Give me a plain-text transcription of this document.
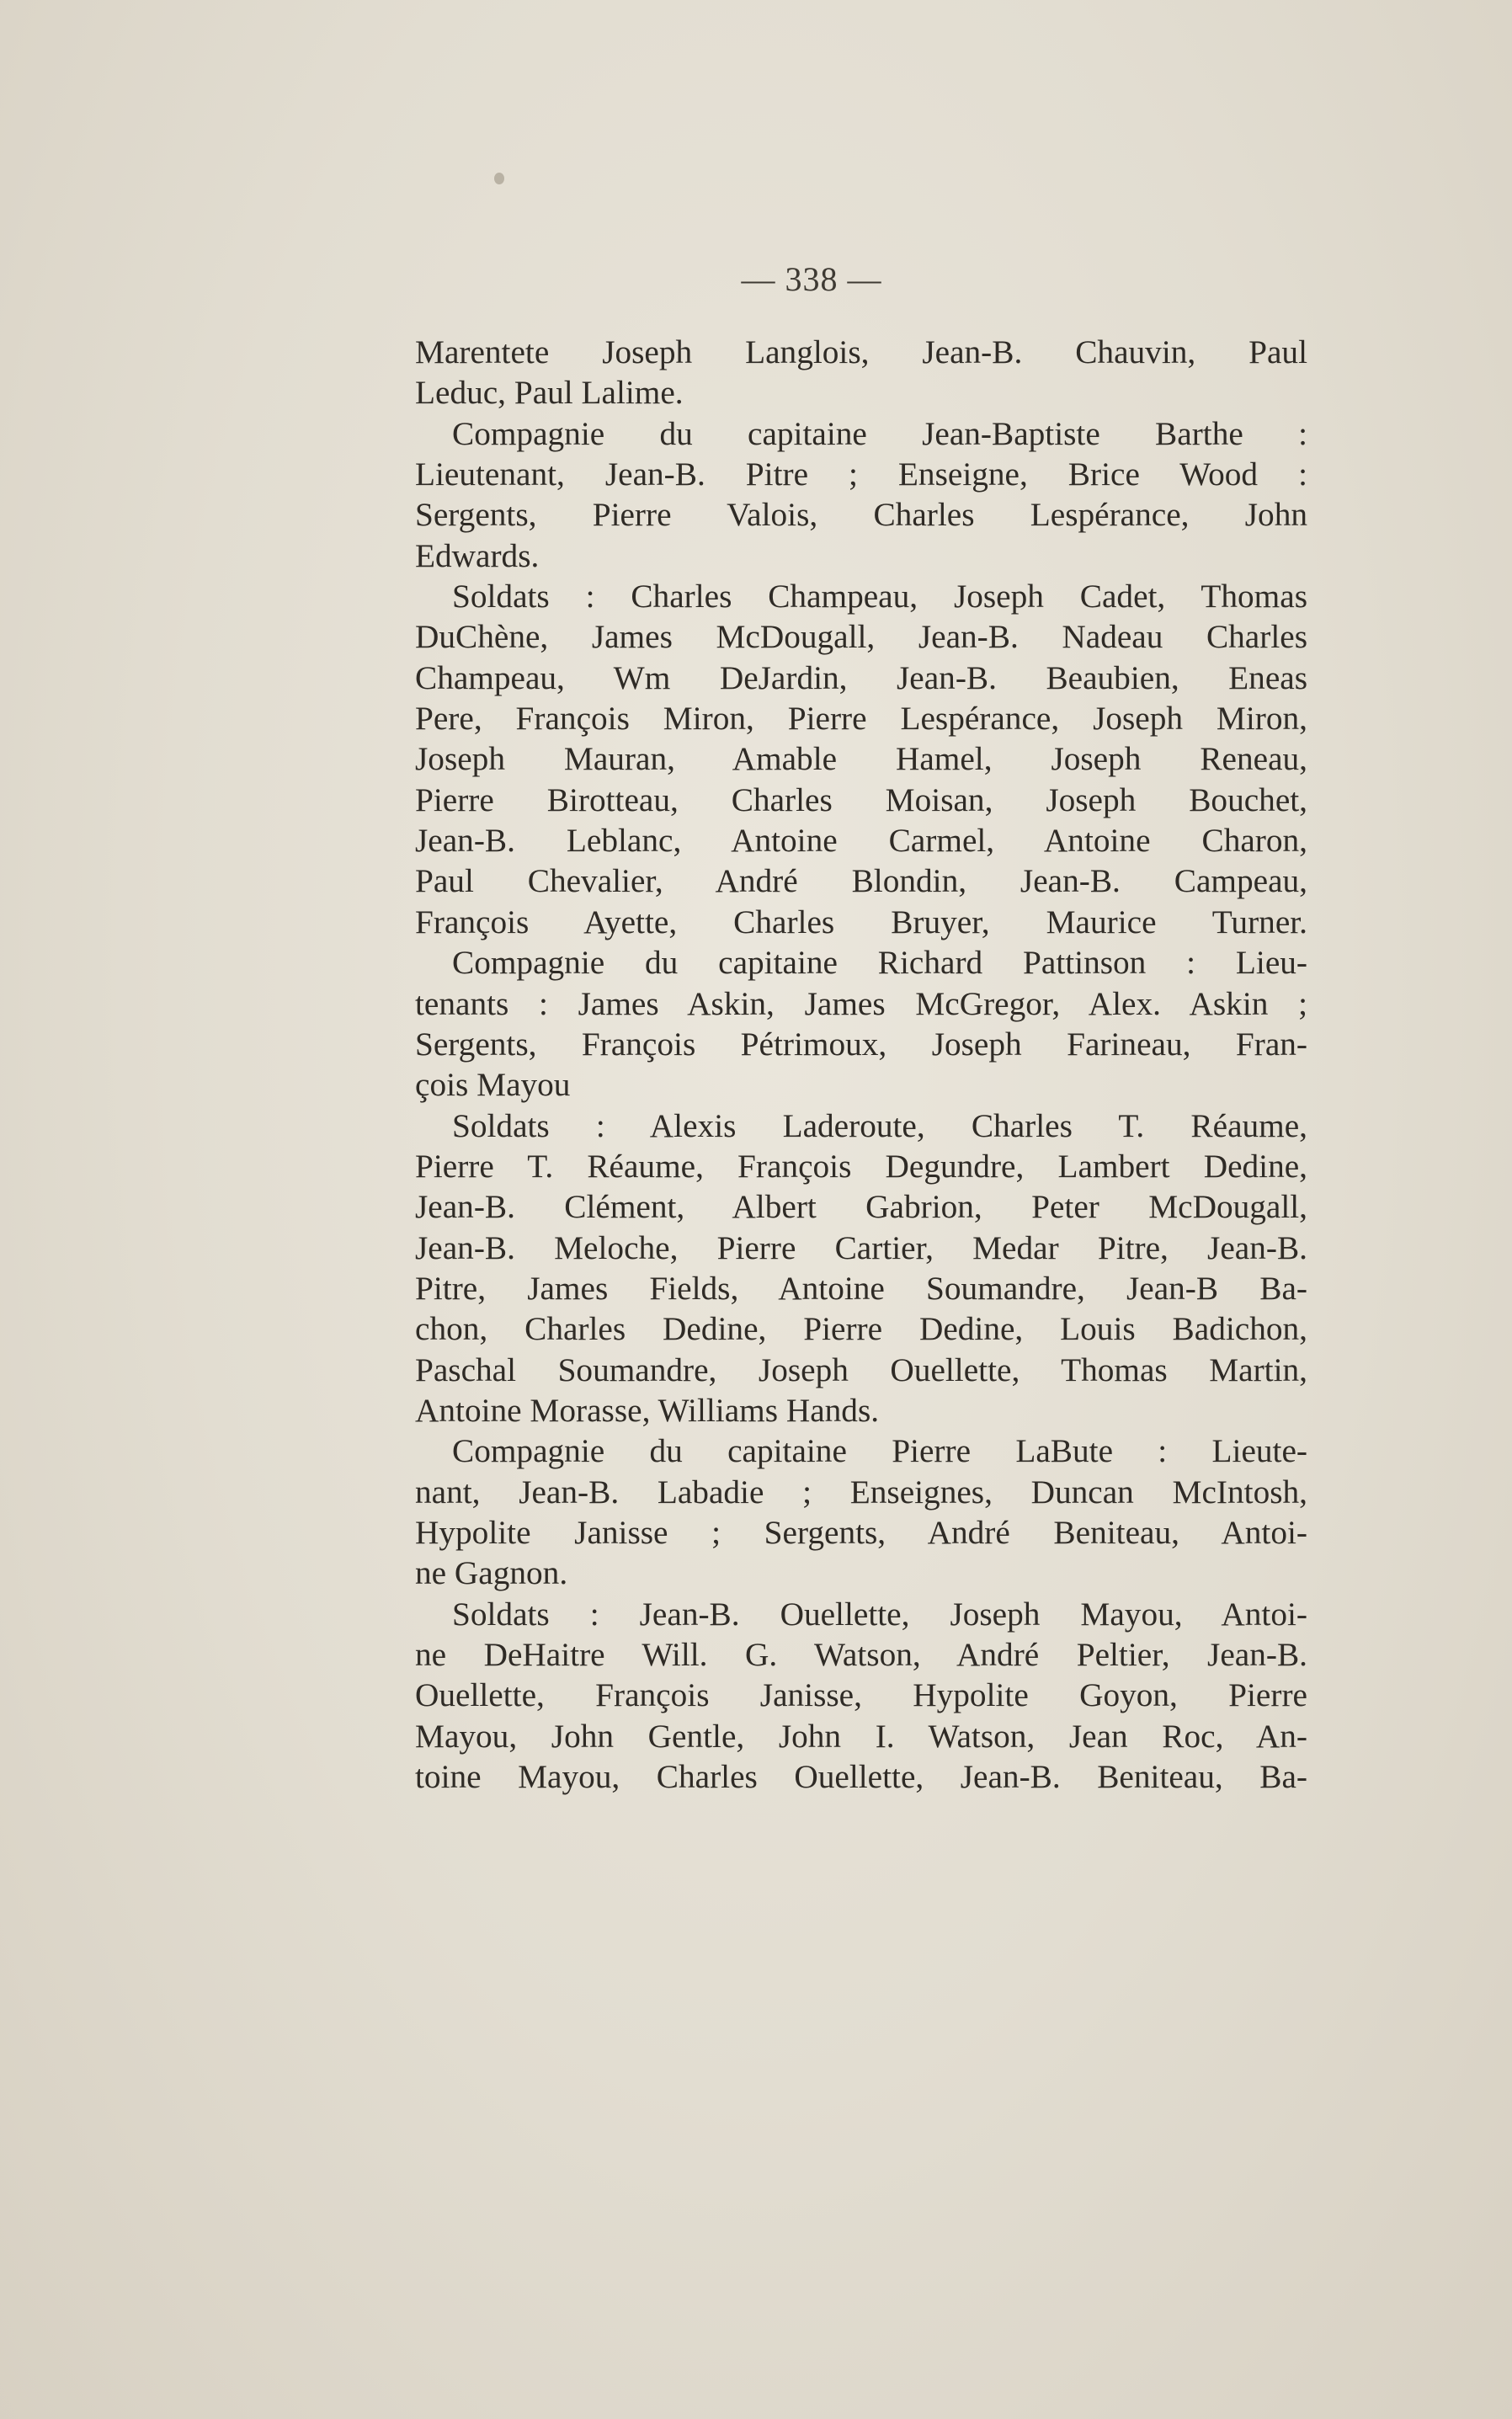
— 338 —
Marentete Joseph Langlois, Jean-B. Chauvin, Paul
Leduc, Paul Lalime.
Compagnie du capitaine Jean-Baptiste Barthe :
Lieutenant, Jean-B. Pitre ; Enseigne, Brice Wood :
Sergents, Pierre Valois, Charles Lespérance, John
Edwards.
Soldats : Charles Champeau, Joseph Cadet, Thomas
DuChène, James McDougall, Jean-B. Nadeau Charles
Champeau, Wm DeJardin, Jean-B. Beaubien, Eneas
Pere, François Miron, Pierre Lespérance, Joseph Miron,
Joseph Mauran, Amable Hamel, Joseph Reneau,
Pierre Birotteau, Charles Moisan, Joseph Bouchet,
Jean-B. Leblanc, Antoine Carmel, Antoine Charon,
Paul Chevalier, André Blondin, Jean-B. Campeau,
François Ayette, Charles Bruyer, Maurice Turner.
Compagnie du capitaine Richard Pattinson : Lieu-
tenants : James Askin, James McGregor, Alex. Askin ;
Sergents, François Pétrimoux, Joseph Farineau, Fran-
çois Mayou
Soldats : Alexis Laderoute, Charles T. Réaume,
Pierre T. Réaume, François Degundre, Lambert Dedine,
Jean-B. Clément, Albert Gabrion, Peter McDougall,
Jean-B. Meloche, Pierre Cartier, Medar Pitre, Jean-B.
Pitre, James Fields, Antoine Soumandre, Jean-B Ba-
chon, Charles Dedine, Pierre Dedine, Louis Badichon,
Paschal Soumandre, Joseph Ouellette, Thomas Martin,
Antoine Morasse, Williams Hands.
Compagnie du capitaine Pierre LaBute : Lieute-
nant, Jean-B. Labadie ; Enseignes, Duncan McIntosh,
Hypolite Janisse ; Sergents, André Beniteau, Antoi-
ne Gagnon.
Soldats : Jean-B. Ouellette, Joseph Mayou, Antoi-
ne DeHaitre Will. G. Watson, André Peltier, Jean-B.
Ouellette, François Janisse, Hypolite Goyon, Pierre
Mayou, John Gentle, John I. Watson, Jean Roc, An-
toine Mayou, Charles Ouellette, Jean-B. Beniteau, Ba-
